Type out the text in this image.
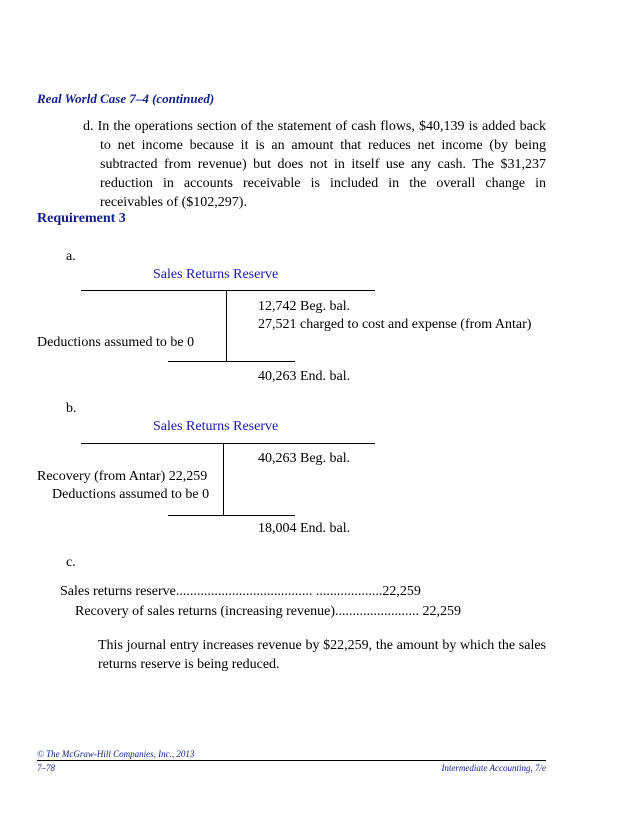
Real World Case 7–4 (continued)
d. In the operations section of the statement of cash flows, $40,139 is added back to net income because it is an amount that reduces net income (by being subtracted from revenue) but does not in itself use any cash. The $31,237 reduction in accounts receivable is included in the overall change in receivables of ($102,297).
Requirement 3
a.
Sales Returns Reserve
12,742 Beg. bal.
27,521 charged to cost and expense (from Antar)
Deductions assumed to be 0
40,263 End. bal.
b.
Sales Returns Reserve
40,263 Beg. bal.
Recovery (from Antar) 22,259
Deductions assumed to be 0
18,004 End. bal.
c.
Sales returns reserve....................................... ...................22,259
Recovery of sales returns (increasing revenue)........................ 22,259
This journal entry increases revenue by $22,259, the amount by which the sales returns reserve is being reduced.
© The McGraw-Hill Companies, Inc., 2013
7–78	Intermediate Accounting, 7/e
